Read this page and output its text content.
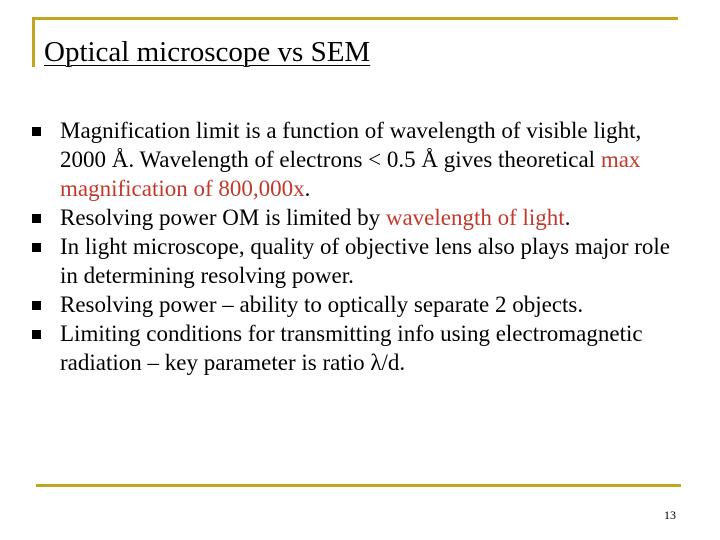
Optical microscope vs SEM
Magnification limit is a function of wavelength of visible light, 2000 Å. Wavelength of electrons < 0.5 Å gives theoretical max magnification of 800,000x.
Resolving power OM is limited by wavelength of light.
In light microscope, quality of objective lens also plays major role in determining resolving power.
Resolving power – ability to optically separate 2 objects.
Limiting conditions for transmitting info using electromagnetic radiation – key parameter is ratio λ/d.
13
